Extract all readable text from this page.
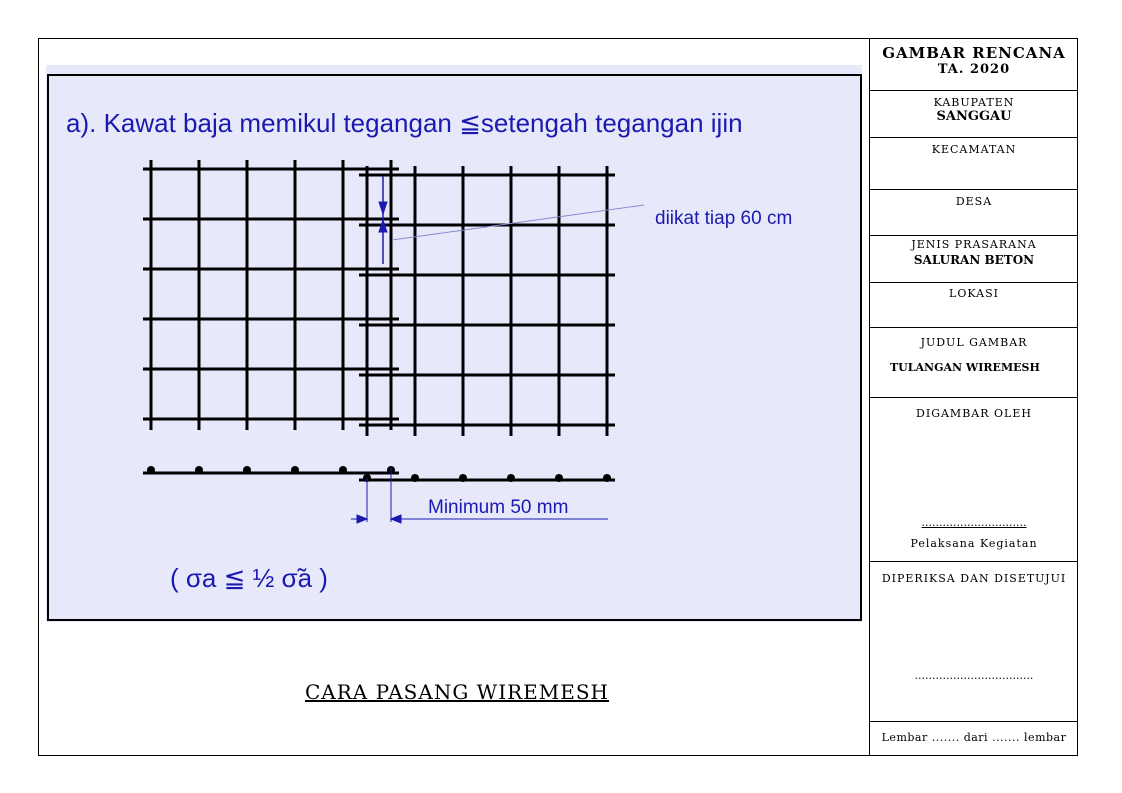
a). Kawat baja memikul tegangan ≦setengah tegangan ijin
diikat tiap 60 cm
Minimum 50 mm
( σa ≦ ½ σ̃a )
CARA PASANG WIREMESH
GAMBAR RENCANA
TA. 2020
KABUPATEN
SANGGAU
KECAMATAN
DESA
JENIS PRASARANA
SALURAN BETON
LOKASI
JUDUL GAMBAR
TULANGAN WIREMESH
DIGAMBAR OLEH
..............................
Pelaksana Kegiatan
DIPERIKSA DAN DISETUJUI
..................................
Lembar ....... dari ....... lembar
